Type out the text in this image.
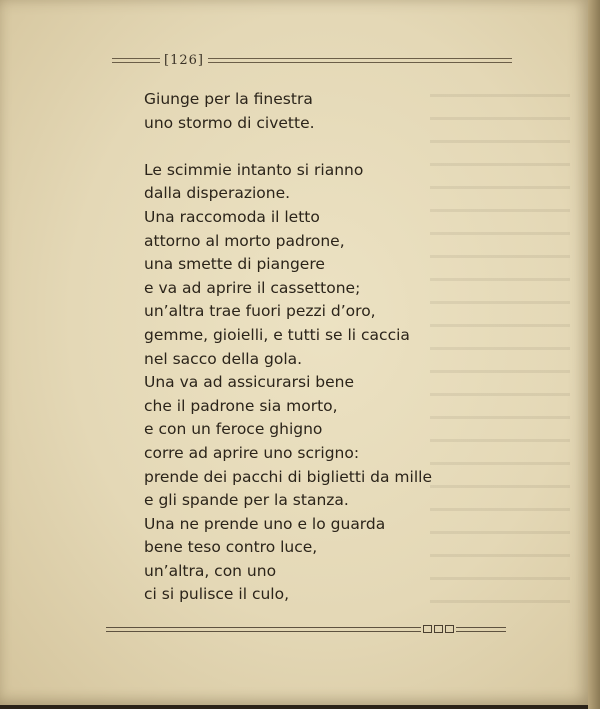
[126]
Giunge per la finestra
uno stormo di civette.
Le scimmie intanto si rianno
dalla disperazione.
Una raccomoda il letto
attorno al morto padrone,
una smette di piangere
e va ad aprire il cassettone;
un’altra trae fuori pezzi d’oro,
gemme, gioielli, e tutti se li caccia
nel sacco della gola.
Una va ad assicurarsi bene
che il padrone sia morto,
e con un feroce ghigno
corre ad aprire uno scrigno:
prende dei pacchi di biglietti da mille
e gli spande per la stanza.
Una ne prende uno e lo guarda
bene teso contro luce,
un’altra, con uno
ci si pulisce il culo,
